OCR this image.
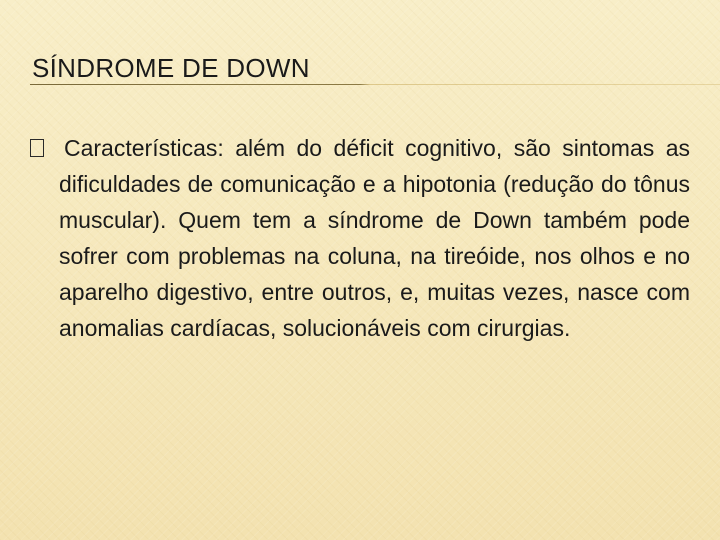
SÍNDROME DE DOWN

Características: além do déficit cognitivo, são sintomas as dificuldades de comunicação e a hipotonia (redução do tônus muscular). Quem tem a síndrome de Down também pode sofrer com problemas na coluna, na tireóide, nos olhos e no aparelho digestivo, entre outros, e, muitas vezes, nasce com anomalias cardíacas, solucionáveis com cirurgias.
